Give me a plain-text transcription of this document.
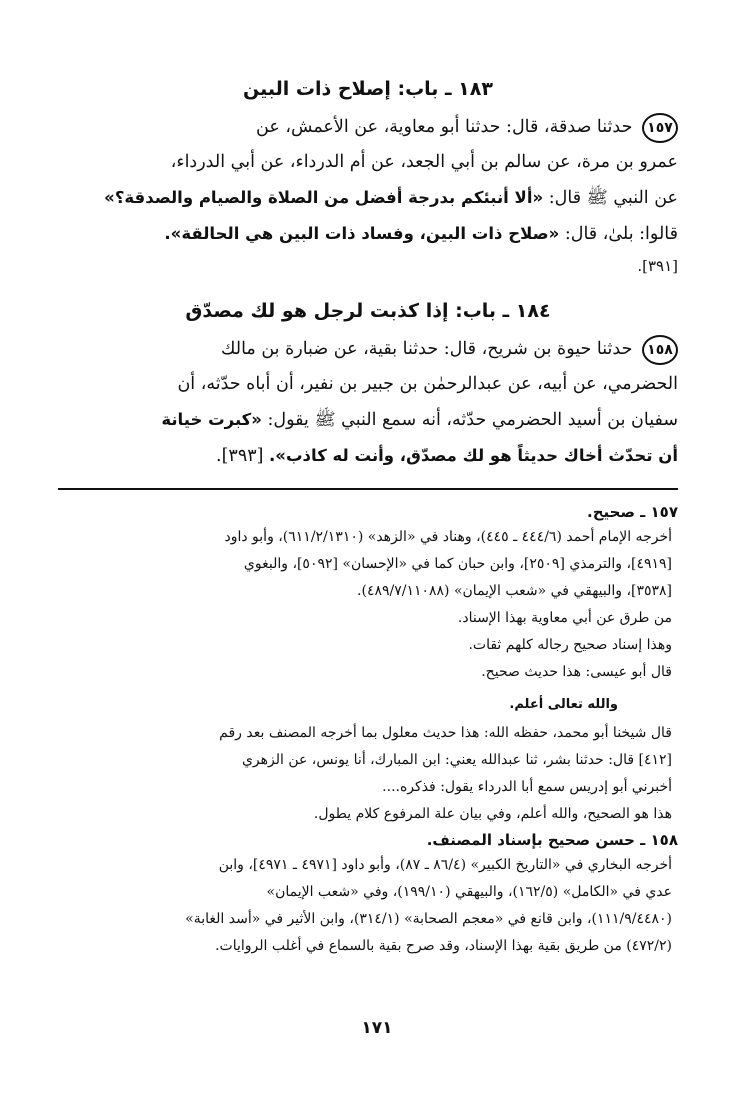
١٨٣ ـ باب: إصلاح ذات البين

١٥٧ حدثنا صدقة، قال: حدثنا أبو معاوية، عن الأعمش، عن

عمرو بن مرة، عن سالم بن أبي الجعد، عن أم الدرداء، عن أبي الدرداء،

عن النبي ﷺ قال: «ألا أنبئكم بدرجة أفضل من الصلاة والصيام والصدقة؟»

قالوا: بلىٰ، قال: «صلاح ذات البين، وفساد ذات البين هي الحالقة».

[٣٩١].

١٨٤ ـ باب: إذا كذبت لرجل هو لك مصدّق

١٥٨ حدثنا حيوة بن شريح، قال: حدثنا بقية، عن ضبارة بن مالك

الحضرمي، عن أبيه، عن عبدالرحمٰن بن جبير بن نفير، أن أباه حدّثه، أن

سفيان بن أسيد الحضرمي حدّثه، أنه سمع النبي ﷺ يقول: «كبرت خيانة

أن تحدّث أخاك حديثاً هو لك مصدّق، وأنت له كاذب». [٣٩٣].

١٥٧ ـ صحيح.

أخرجه الإمام أحمد (٤٤٤/٦ ـ ٤٤٥)، وهناد في «الزهد» (٦١١/٢/١٣١٠)، وأبو داود

[٤٩١٩]، والترمذي [٢٥٠٩]، وابن حبان كما في «الإحسان» [٥٠٩٢]، والبغوي

[٣٥٣٨]، والبيهقي في «شعب الإيمان» (٤٨٩/٧/١١٠٨٨).

من طرق عن أبي معاوية بهذا الإسناد.

وهذا إسناد صحيح رجاله كلهم ثقات.

قال أبو عيسى: هذا حديث صحيح.

والله تعالى أعلم.

قال شيخنا أبو محمد، حفظه الله: هذا حديث معلول بما أخرجه المصنف بعد رقم

[٤١٢] قال: حدثنا بشر، ثنا عبدالله يعني: ابن المبارك، أنا يونس، عن الزهري

أخبرني أبو إدريس سمع أبا الدرداء يقول: فذكره....

هذا هو الصحيح، والله أعلم، وفي بيان علة المرفوع كلام يطول.

١٥٨ ـ حسن صحيح بإسناد المصنف.

أخرجه البخاري في «التاريخ الكبير» (٨٦/٤ ـ ٨٧)، وأبو داود [٤٩٧١ ـ ٤٩٧١]، وابن

عدي في «الكامل» (١٦٢/٥)، والبيهقي (١٩٩/١٠)، وفي «شعب الإيمان»

(١١١/٩/٤٤٨٠)، وابن قانع في «معجم الصحابة» (٣١٤/١)، وابن الأثير في «أسد الغابة»

(٤٧٢/٢) من طريق بقية بهذا الإسناد، وقد صرح بقية بالسماع في أغلب الروايات.

١٧١
